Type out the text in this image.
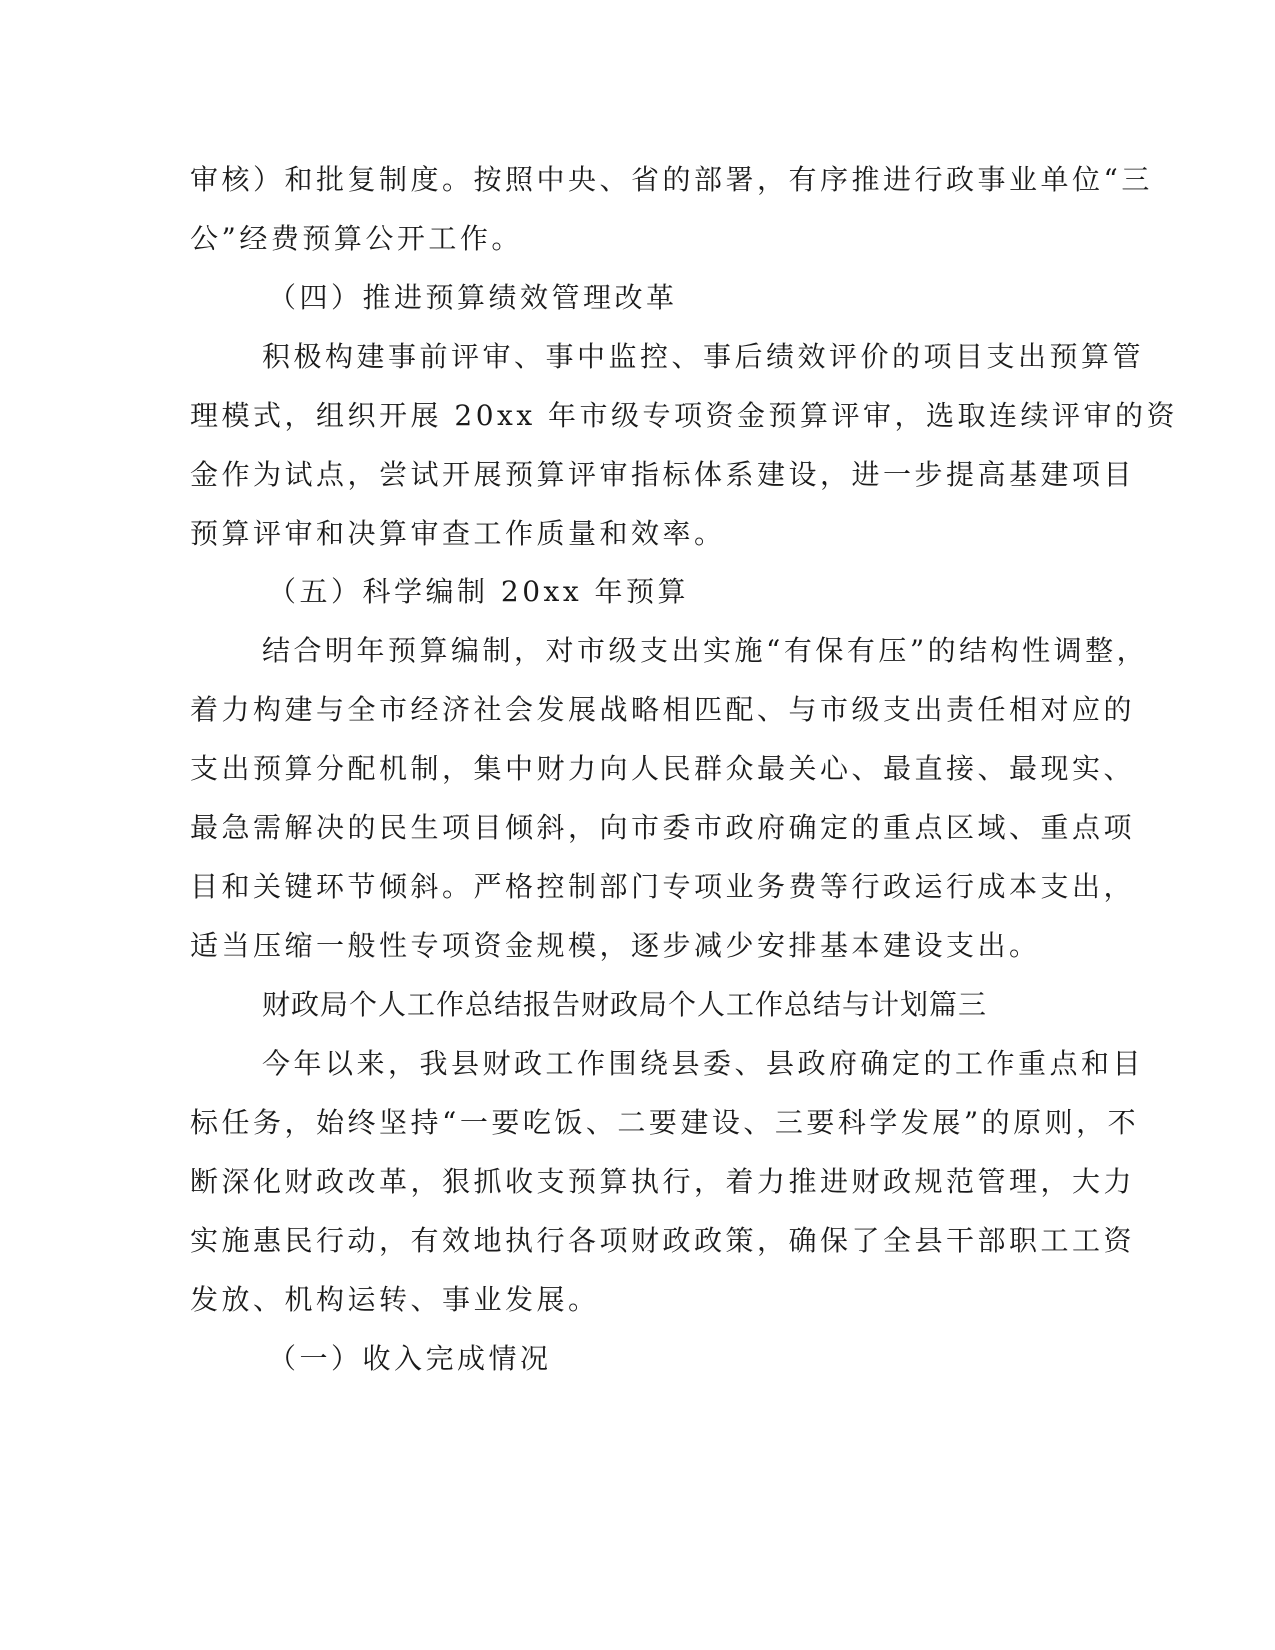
审核）和批复制度。按照中央、省的部署，有序推进行政事业单位“三
公”经费预算公开工作。
（四）推进预算绩效管理改革
积极构建事前评审、事中监控、事后绩效评价的项目支出预算管
理模式，组织开展 20xx 年市级专项资金预算评审，选取连续评审的资
金作为试点，尝试开展预算评审指标体系建设，进一步提高基建项目
预算评审和决算审查工作质量和效率。
（五）科学编制 20xx 年预算
结合明年预算编制，对市级支出实施“有保有压”的结构性调整，
着力构建与全市经济社会发展战略相匹配、与市级支出责任相对应的
支出预算分配机制，集中财力向人民群众最关心、最直接、最现实、
最急需解决的民生项目倾斜，向市委市政府确定的重点区域、重点项
目和关键环节倾斜。严格控制部门专项业务费等行政运行成本支出，
适当压缩一般性专项资金规模，逐步减少安排基本建设支出。
财政局个人工作总结报告财政局个人工作总结与计划篇三
今年以来，我县财政工作围绕县委、县政府确定的工作重点和目
标任务，始终坚持“一要吃饭、二要建设、三要科学发展”的原则，不
断深化财政改革，狠抓收支预算执行，着力推进财政规范管理，大力
实施惠民行动，有效地执行各项财政政策，确保了全县干部职工工资
发放、机构运转、事业发展。
（一）收入完成情况
